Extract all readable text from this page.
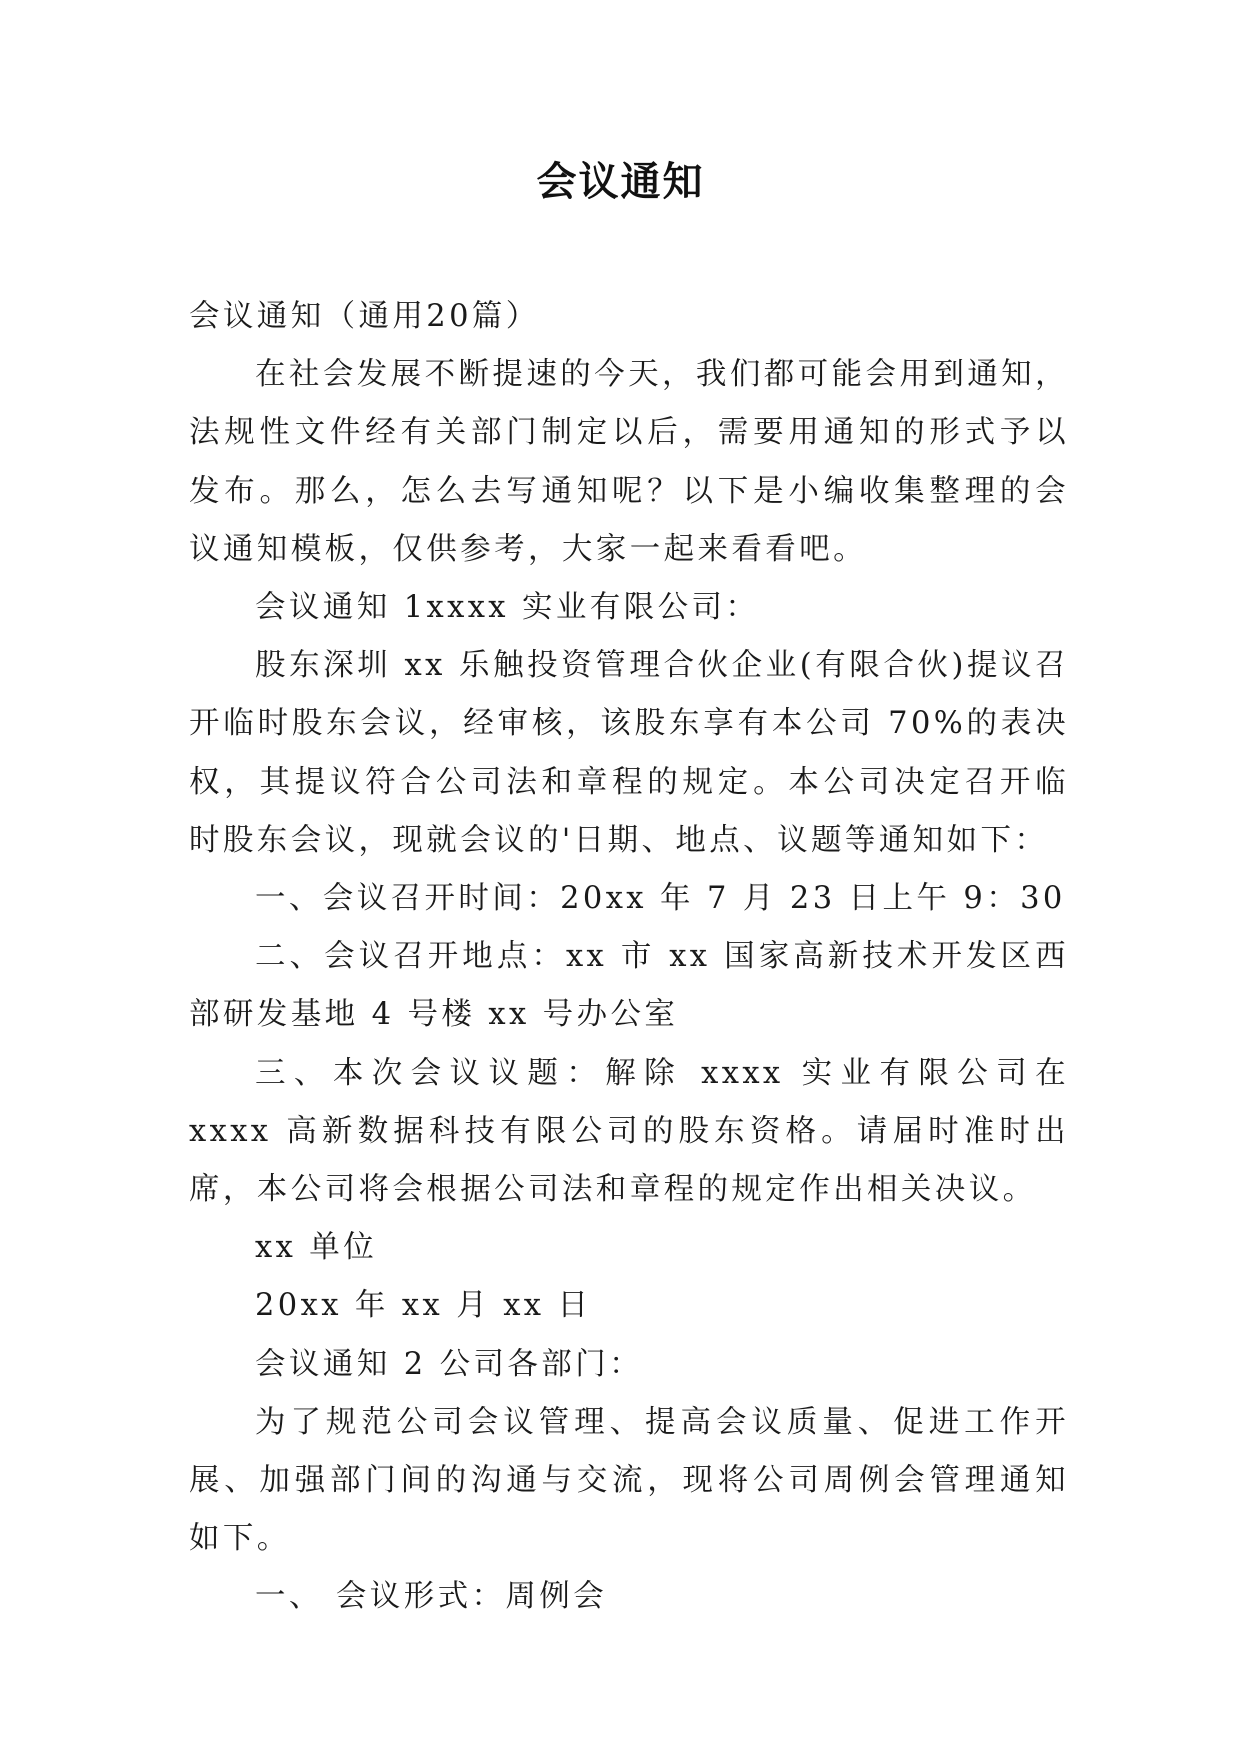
会议通知

会议通知（通用20篇）

在社会发展不断提速的今天，我们都可能会用到通知，法规性文件经有关部门制定以后，需要用通知的形式予以发布。那么，怎么去写通知呢？以下是小编收集整理的会议通知模板，仅供参考，大家一起来看看吧。

会议通知 1xxxx 实业有限公司：

股东深圳 xx 乐触投资管理合伙企业(有限合伙)提议召开临时股东会议，经审核，该股东享有本公司 70%的表决权，其提议符合公司法和章程的规定。本公司决定召开临时股东会议，现就会议的'日期、地点、议题等通知如下：

一、会议召开时间：20xx 年 7 月 23 日上午 9：30

二、会议召开地点：xx 市 xx 国家高新技术开发区西部研发基地 4 号楼 xx 号办公室

三、本次会议议题：解除 xxxx 实业有限公司在 xxxx 高新数据科技有限公司的股东资格。请届时准时出席，本公司将会根据公司法和章程的规定作出相关决议。

xx 单位

20xx 年 xx 月 xx 日

会议通知 2 公司各部门：

为了规范公司会议管理、提高会议质量、促进工作开展、加强部门间的沟通与交流，现将公司周例会管理通知如下。

一、 会议形式：周例会
